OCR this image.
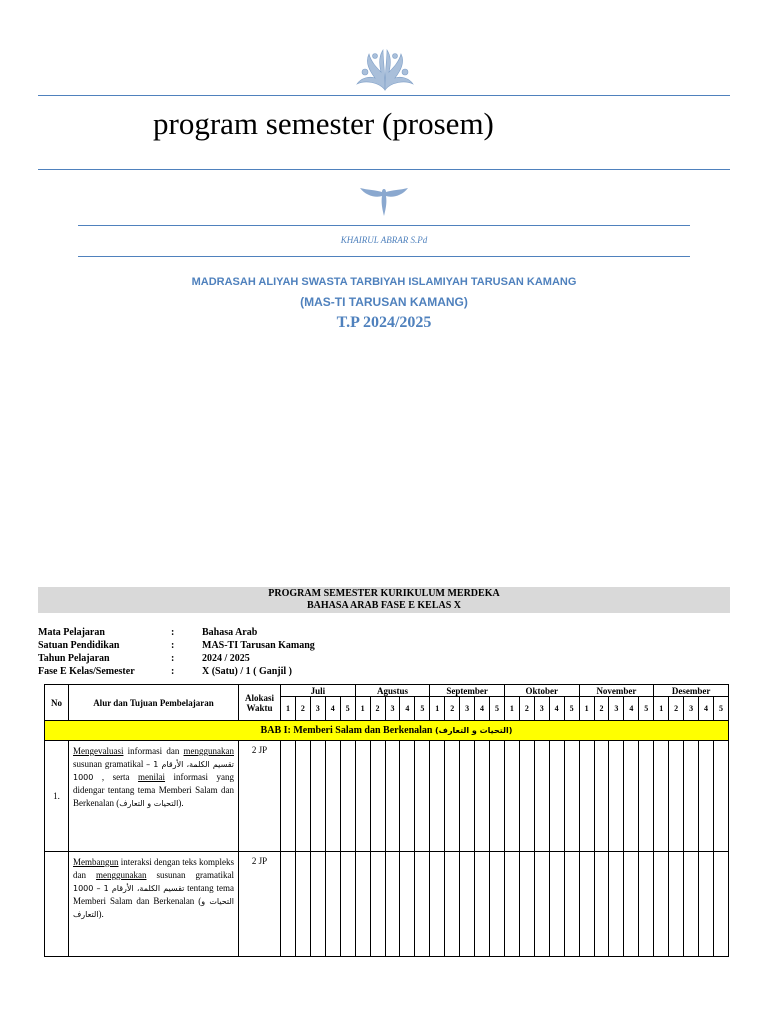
program semester (prosem)
KHAIRUL ABRAR S.Pd
MADRASAH ALIYAH SWASTA TARBIYAH ISLAMIYAH TARUSAN KAMANG
(MAS-TI TARUSAN KAMANG)
T.P 2024/2025
PROGRAM SEMESTER KURIKULUM MERDEKA
BAHASA ARAB FASE E KELAS X
Mata Pelajaran	:	Bahasa Arab
Satuan Pendidikan	:	MAS-TI Tarusan Kamang
Tahun Pelajaran	:	2024 / 2025
Fase E Kelas/Semester	:	X (Satu) / 1 ( Ganjil )
No	Alur dan Tujuan Pembelajaran	Alokasi Waktu	Juli					Agustus					September					Oktober					November					Desember				
			1	2	3	4	5	1	2	3	4	5	1	2	3	4	5	1	2	3	4	5	1	2	3	4	5	1	2	3	4	5
BAB I: Memberi Salam dan Berkenalan (التحيات و التعارف)																																
1.	Mengevaluasi informasi dan menggunakan susunan gramatikal تقسيم الكلمة، الأرقام 1 – 1000 , serta menilai informasi yang didengar tentang tema Memberi Salam dan Berkenalan (التحيات و التعارف).	2 JP																														

	Membangun interaksi dengan teks kompleks dan menggunakan susunan gramatikal تقسيم الكلمة، الأرقام 1 – 1000 tentang tema Memberi Salam dan Berkenalan (التحيات و التعارف).	2 JP																														
